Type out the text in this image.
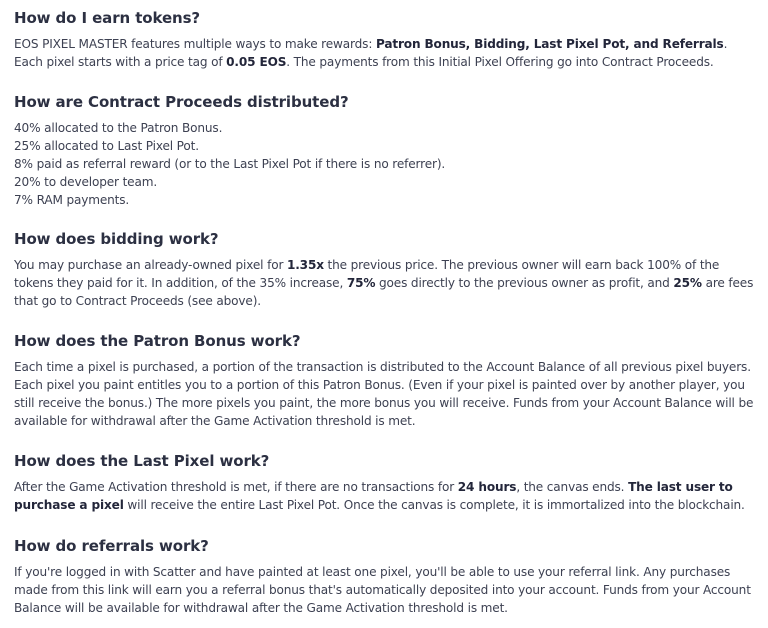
How do I earn tokens?

EOS PIXEL MASTER features multiple ways to make rewards: Patron Bonus, Bidding, Last Pixel Pot, and Referrals. Each pixel starts with a price tag of 0.05 EOS. The payments from this Initial Pixel Offering go into Contract Proceeds.

How are Contract Proceeds distributed?
40% allocated to the Patron Bonus.
25% allocated to Last Pixel Pot.
8% paid as referral reward (or to the Last Pixel Pot if there is no referrer).
20% to developer team.
7% RAM payments.
How does bidding work?

You may purchase an already-owned pixel for 1.35x the previous price. The previous owner will earn back 100% of the tokens they paid for it. In addition, of the 35% increase, 75% goes directly to the previous owner as profit, and 25% are fees that go to Contract Proceeds (see above).

How does the Patron Bonus work?

Each time a pixel is purchased, a portion of the transaction is distributed to the Account Balance of all previous pixel buyers. Each pixel you paint entitles you to a portion of this Patron Bonus. (Even if your pixel is painted over by another player, you still receive the bonus.) The more pixels you paint, the more bonus you will receive. Funds from your Account Balance will be available for withdrawal after the Game Activation threshold is met.

How does the Last Pixel work?

After the Game Activation threshold is met, if there are no transactions for 24 hours, the canvas ends. The last user to purchase a pixel will receive the entire Last Pixel Pot. Once the canvas is complete, it is immortalized into the blockchain.

How do referrals work?

If you're logged in with Scatter and have painted at least one pixel, you'll be able to use your referral link. Any purchases made from this link will earn you a referral bonus that's automatically deposited into your account. Funds from your Account Balance will be available for withdrawal after the Game Activation threshold is met.
